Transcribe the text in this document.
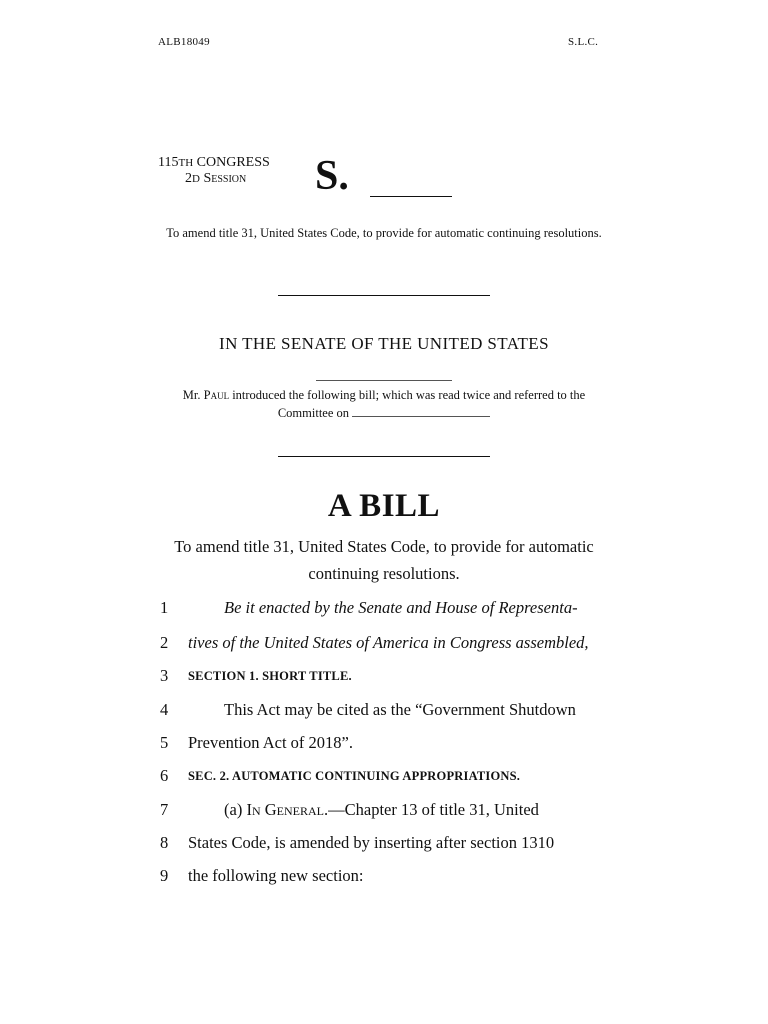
ALB18049	S.L.C.
115TH CONGRESS
2D Session	S.
To amend title 31, United States Code, to provide for automatic continuing resolutions.
IN THE SENATE OF THE UNITED STATES
Mr. Paul introduced the following bill; which was read twice and referred to the Committee on
A BILL
To amend title 31, United States Code, to provide for automatic continuing resolutions.
1	Be it enacted by the Senate and House of Representa-
2	tives of the United States of America in Congress assembled,
3	SECTION 1. SHORT TITLE.
4	This Act may be cited as the “Government Shutdown
5	Prevention Act of 2018”.
6	SEC. 2. AUTOMATIC CONTINUING APPROPRIATIONS.
7	(a) In General.—Chapter 13 of title 31, United
8	States Code, is amended by inserting after section 1310
9	the following new section:
